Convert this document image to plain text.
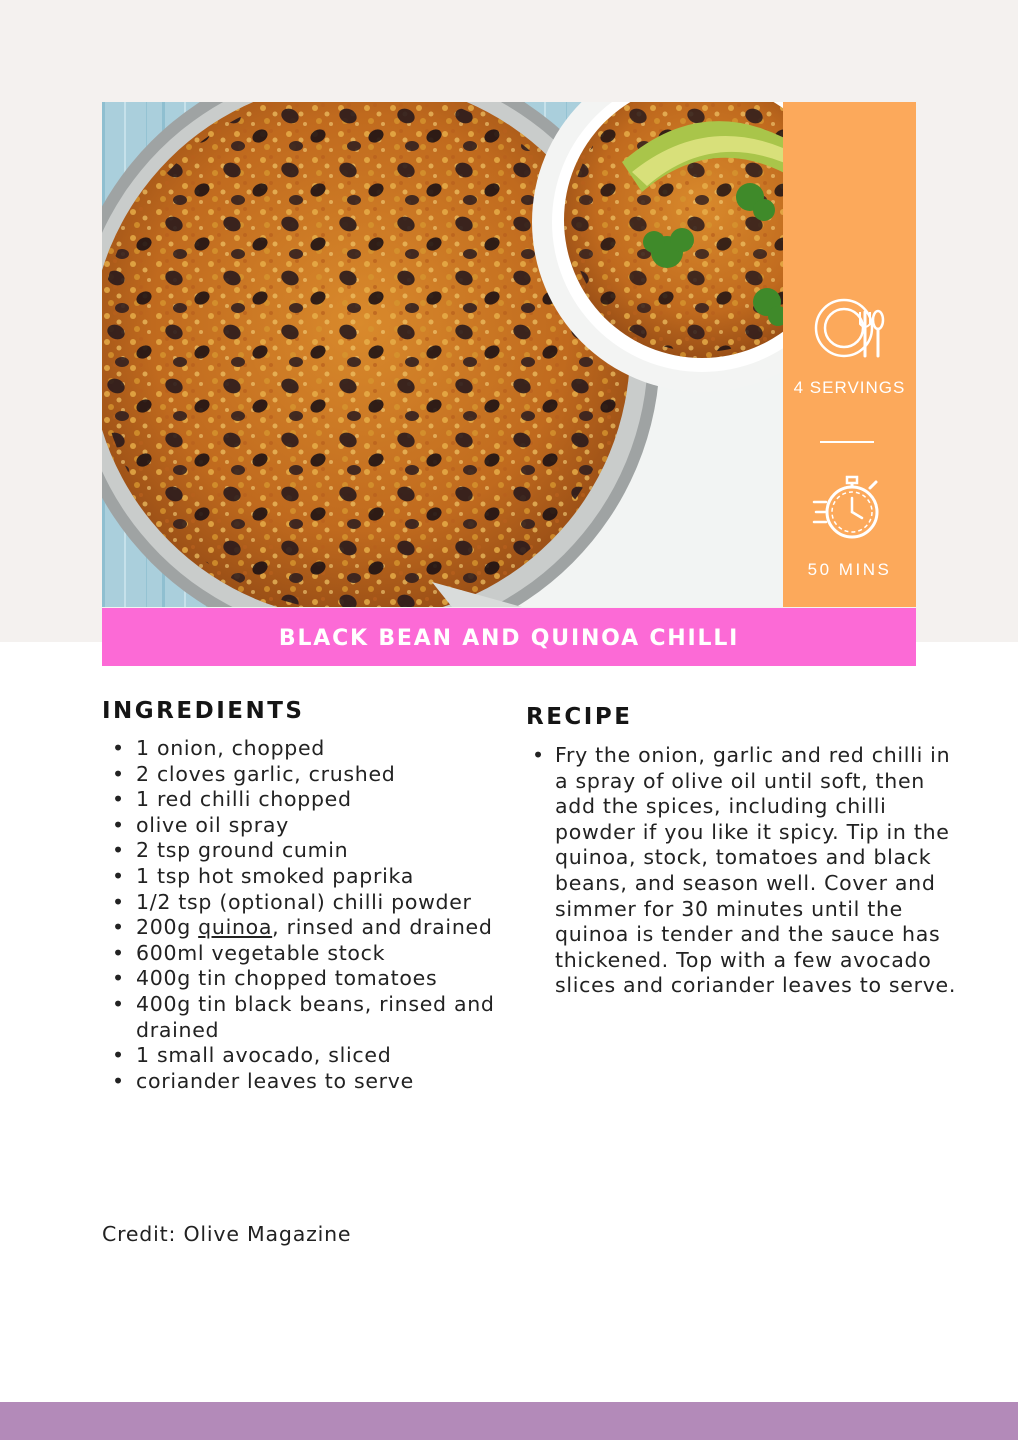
4 SERVINGS
50 MINS
BLACK BEAN AND QUINOA CHILLI
INGREDIENTS
• 1 onion, chopped
• 2 cloves garlic, crushed
• 1 red chilli chopped
• olive oil spray
• 2 tsp ground cumin
• 1 tsp hot smoked paprika
• 1/2 tsp (optional) chilli powder
• 200g quinoa, rinsed and drained
• 600ml vegetable stock
• 400g tin chopped tomatoes
• 400g tin black beans, rinsed and drained
• 1 small avocado, sliced
• coriander leaves to serve
RECIPE
• Fry the onion, garlic and red chilli in a spray of olive oil until soft, then add the spices, including chilli powder if you like it spicy. Tip in the quinoa, stock, tomatoes and black beans, and season well. Cover and simmer for 30 minutes until the quinoa is tender and the sauce has thickened. Top with a few avocado slices and coriander leaves to serve.
Credit: Olive Magazine
